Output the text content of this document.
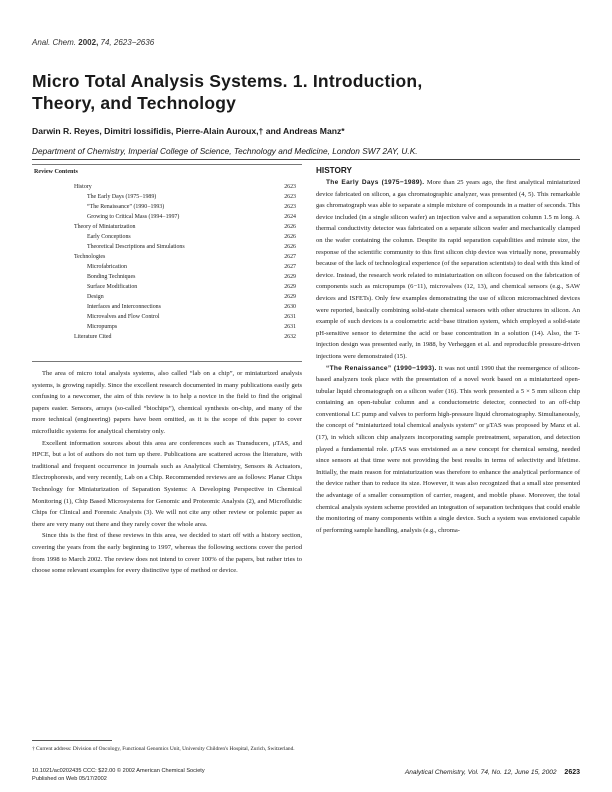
Anal. Chem. 2002, 74, 2623−2636
Micro Total Analysis Systems. 1. Introduction,
Theory, and Technology
Darwin R. Reyes, Dimitri Iossifidis, Pierre-Alain Auroux,† and Andreas Manz*
Department of Chemistry, Imperial College of Science, Technology and Medicine, London SW7 2AY, U.K.
Review Contents
History	2623
The Early Days (1975−1989)	2623
“The Renaissance” (1990−1993)	2623
Growing to Critical Mass (1994−1997)	2624
Theory of Miniaturization	2626
Early Conceptions	2626
Theoretical Descriptions and Simulations	2626
Technologies	2627
Microfabrication	2627
Bonding Techniques	2629
Surface Modification	2629
Design	2629
Interfaces and Interconnections	2630
Microvalves and Flow Control	2631
Micropumps	2631
Literature Cited	2632

The area of micro total analysis systems, also called “lab on a chip”, or miniaturized analysis systems, is growing rapidly. Since the excellent research documented in many publications easily gets confusing to a newcomer, the aim of this review is to help a novice in the field to find the original papers easier. Sensors, arrays (so-called “biochips”), chemical synthesis on-chip, and many of the more technical (engineering) papers have been omitted, as it is the scope of this paper to cover microfluidic systems for analytical chemistry only.

Excellent information sources about this area are conferences such as Transducers, μTAS, and HPCE, but a lot of authors do not turn up there. Publications are scattered across the literature, with traditional and frequent occurrence in journals such as Analytical Chemistry, Sensors & Actuators, Electrophoresis, and very recently, Lab on a Chip. Recommended reviews are as follows: Planar Chips Technology for Miniaturization of Separation Systems: A Developing Perspective in Chemical Monitoring (1), Chip Based Microsystems for Genomic and Proteomic Analysis (2), and Microfluidic Chips for Clinical and Forensic Analysis (3). We will not cite any other review or polemic paper as there are very many out there and they rarely cover the whole area.

Since this is the first of these reviews in this area, we decided to start off with a history section, covering the years from the early beginning to 1997, whereas the following sections cover the period from 1998 to March 2002. The review does not intend to cover 100% of the papers, but rather tries to choose some relevant examples for every distinctive type of method or device.

† Current address: Division of Oncology, Functional Genomics Unit, University Children's Hospital, Zurich, Switzerland.
HISTORY

The Early Days (1975−1989). More than 25 years ago, the first analytical miniaturized device fabricated on silicon, a gas chromatographic analyzer, was presented (4, 5). This remarkable gas chromatograph was able to separate a simple mixture of compounds in a matter of seconds. This device included (in a single silicon wafer) an injection valve and a separation column 1.5 m long. A thermal conductivity detector was fabricated on a separate silicon wafer and mechanically clamped on the wafer containing the column. Despite its rapid separation capabilities and minute size, the response of the scientific community to this first silicon chip device was virtually none, presumably because of the lack of technological experience (of the separation scientists) to deal with this kind of device. Instead, the research work related to miniaturization on silicon focused on the fabrication of components such as micropumps (6−11), microvalves (12, 13), and chemical sensors (e.g., SAW devices and ISFETs). Only few examples demonstrating the use of silicon micromachined devices were reported, basically combining solid-state chemical sensors with other structures in silicon. An example of such devices is a coulometric acid−base titration system, which employed a solid-state pH-sensitive sensor to determine the acid or base concentration in a solution (14). Also, the T-injection design was presented early, in 1988, by Verheggen et al. and reproducible pressure-driven injections were demonstrated (15).

“The Renaissance” (1990−1993). It was not until 1990 that the reemergence of silicon-based analyzers took place with the presentation of a novel work based on a miniaturized open-tubular liquid chromatograph on a silicon wafer (16). This work presented a 5 × 5 mm silicon chip containing an open-tubular column and a conductometric detector, connected to an off-chip conventional LC pump and valves to perform high-pressure liquid chromatography. Simultaneously, the concept of “miniaturized total chemical analysis system” or μTAS was proposed by Manz et al. (17), in which silicon chip analyzers incorporating sample pretreatment, separation, and detection played a fundamental role. μTAS was envisioned as a new concept for chemical sensing, needed since sensors at that time were not providing the best results in terms of selectivity and lifetime. Initially, the main reason for miniaturization was therefore to enhance the analytical performance of the device rather than to reduce its size. However, it was also recognized that a small size presented the advantage of a smaller consumption of carrier, reagent, and mobile phase. Moreover, the total chemical analysis system scheme provided an integration of separation techniques that could enable the monitoring of many components within a single device. Such a system was envisioned capable of performing sample handling, analysis (e.g., chroma-

10.1021/ac0202435 CCC: $22.00 © 2002 American Chemical Society
Published on Web 05/17/2002
Analytical Chemistry, Vol. 74, No. 12, June 15, 2002 2623
